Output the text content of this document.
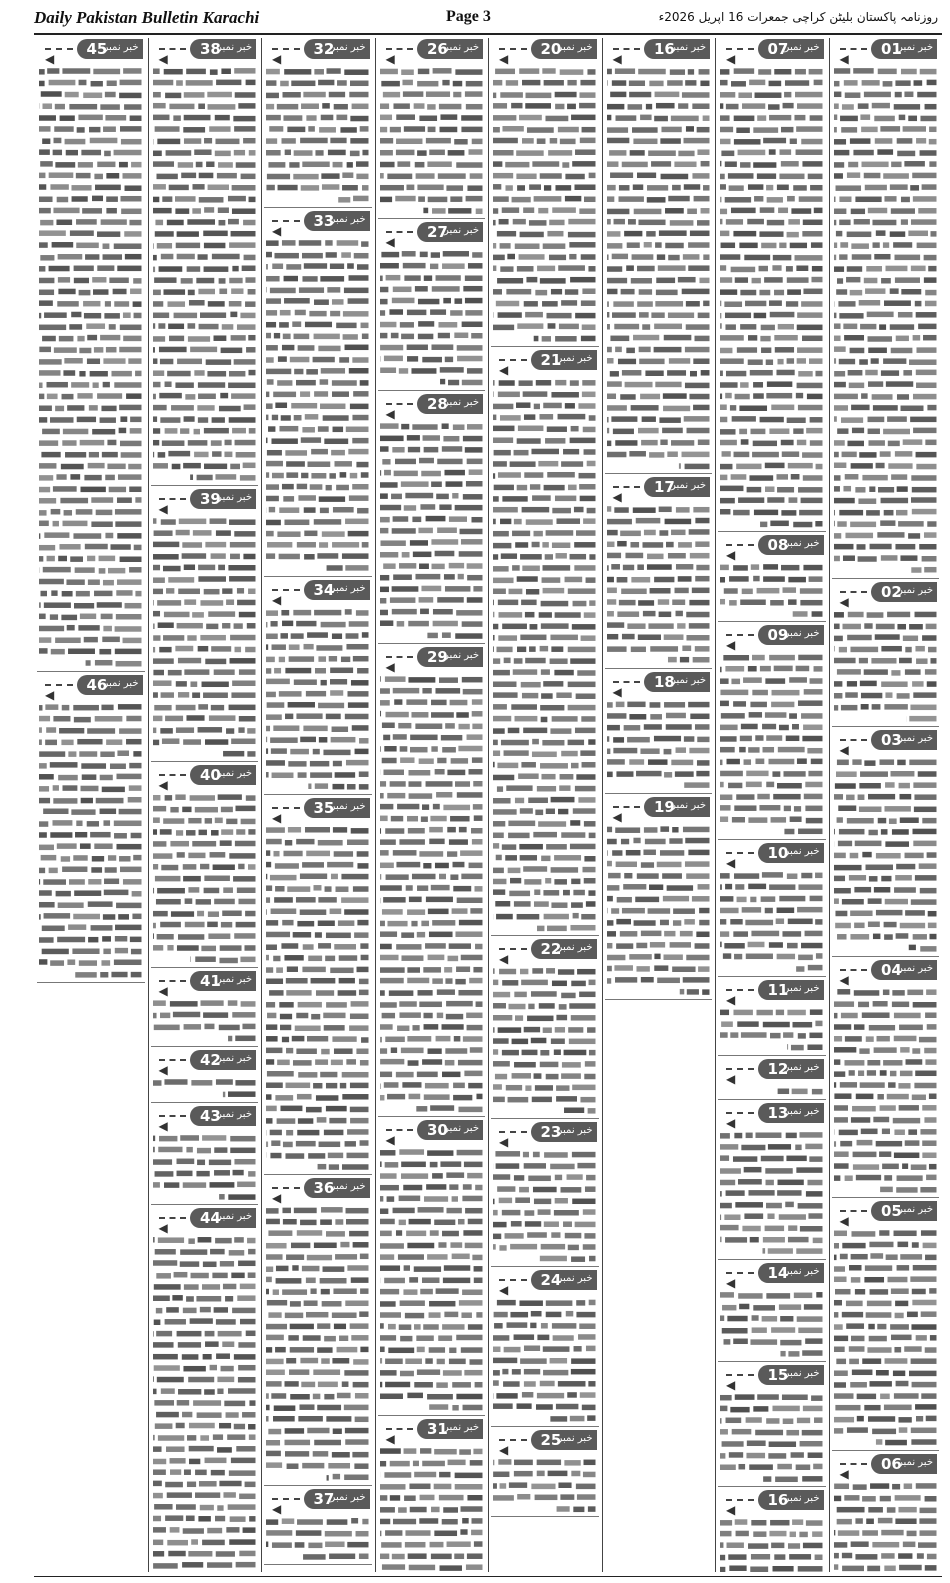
Daily Pakistan Bulletin Karachi	Page 3	روزنامہ پاکستان بلیٹن کراچی جمعرات 16 اپریل 2026ء
01
خبر نمبر
◀
02
خبر نمبر
◀
03
خبر نمبر
◀
04
خبر نمبر
◀
05
خبر نمبر
◀
06
خبر نمبر
◀
07
خبر نمبر
◀
08
خبر نمبر
◀
09
خبر نمبر
◀
10
خبر نمبر
◀
11
خبر نمبر
◀
12
خبر نمبر
◀
13
خبر نمبر
◀
14
خبر نمبر
◀
15
خبر نمبر
◀
16
خبر نمبر
◀
16
خبر نمبر
◀
17
خبر نمبر
◀
18
خبر نمبر
◀
19
خبر نمبر
◀
20
خبر نمبر
◀
21
خبر نمبر
◀
22
خبر نمبر
◀
23
خبر نمبر
◀
24
خبر نمبر
◀
25
خبر نمبر
◀
26
خبر نمبر
◀
27
خبر نمبر
◀
28
خبر نمبر
◀
29
خبر نمبر
◀
30
خبر نمبر
◀
31
خبر نمبر
◀
32
خبر نمبر
◀
33
خبر نمبر
◀
34
خبر نمبر
◀
35
خبر نمبر
◀
36
خبر نمبر
◀
37
خبر نمبر
◀
38
خبر نمبر
◀
39
خبر نمبر
◀
40
خبر نمبر
◀
41
خبر نمبر
◀
42
خبر نمبر
◀
43
خبر نمبر
◀
44
خبر نمبر
◀
45
خبر نمبر
◀
46
خبر نمبر
◀
